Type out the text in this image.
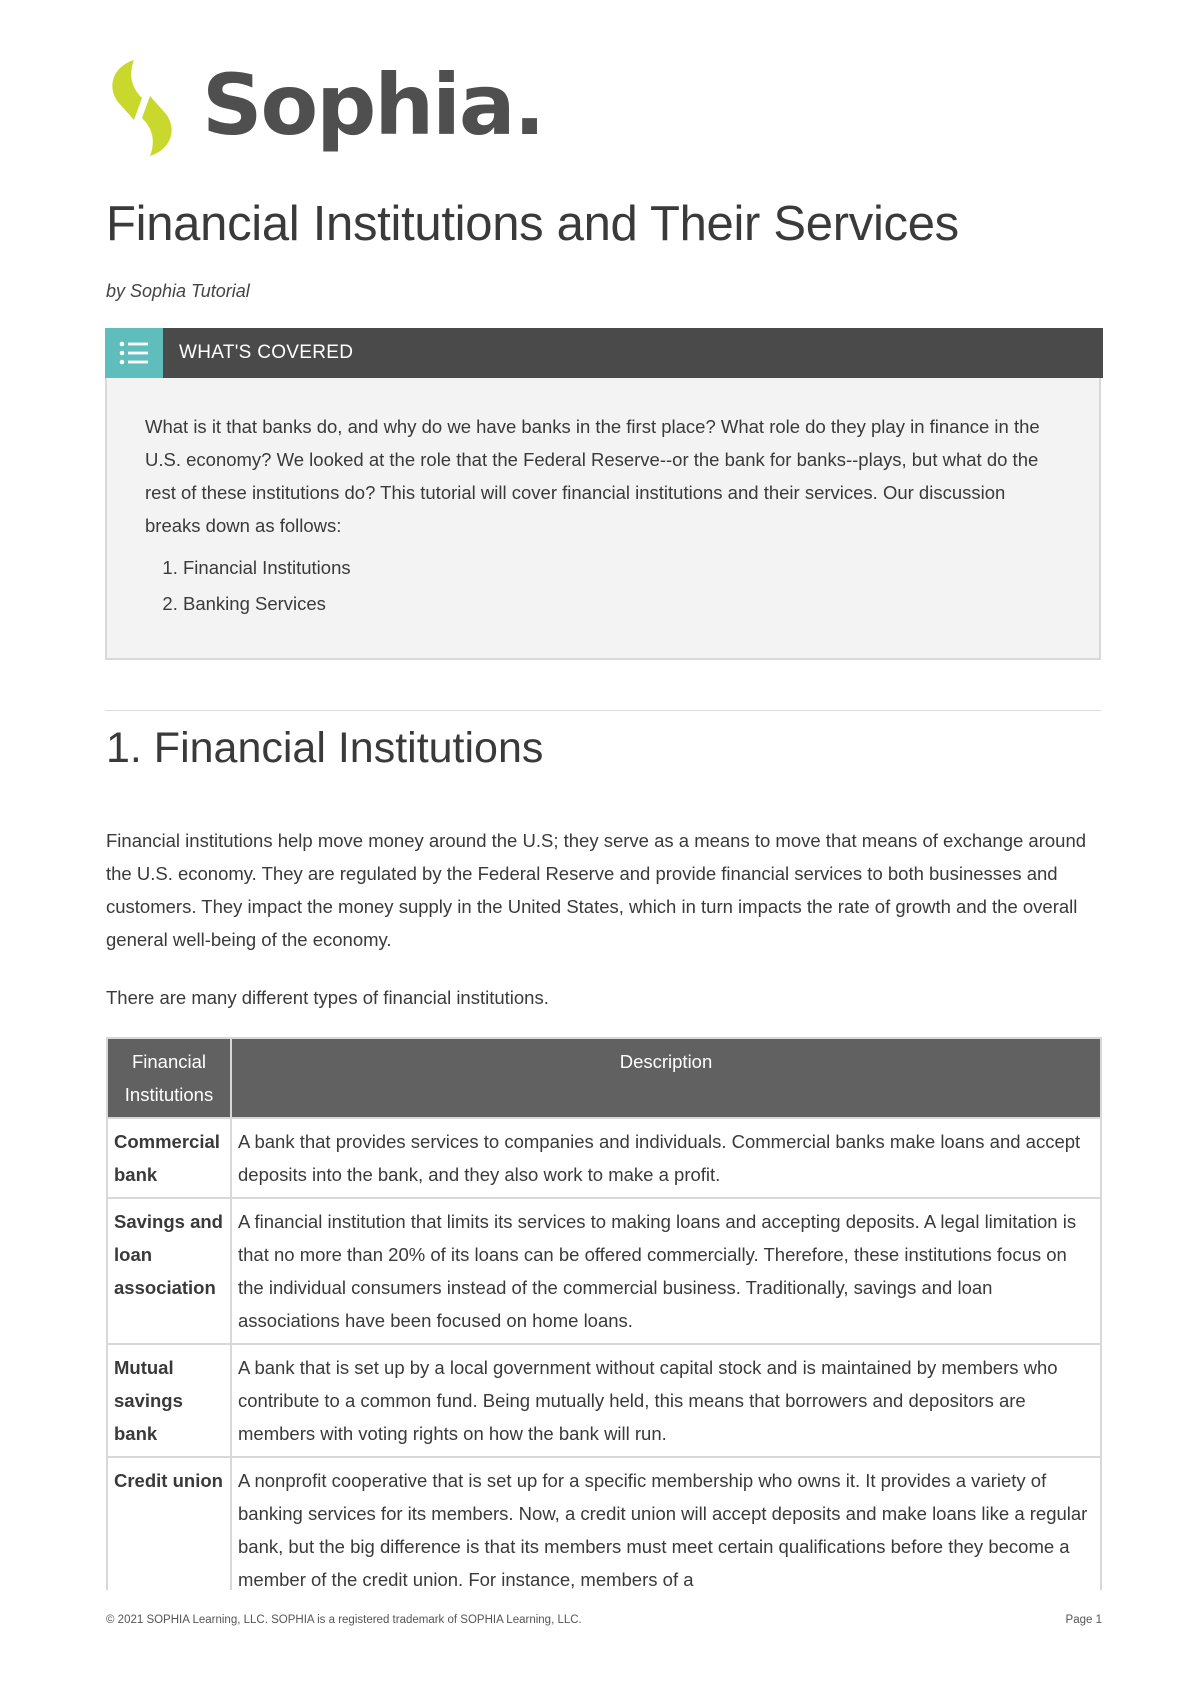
Sophia.
Financial Institutions and Their Services
by Sophia Tutorial
WHAT'S COVERED
What is it that banks do, and why do we have banks in the first place? What role do they play in finance in the U.S. economy? We looked at the role that the Federal Reserve--or the bank for banks--plays, but what do the rest of these institutions do? This tutorial will cover financial institutions and their services. Our discussion breaks down as follows:
1. Financial Institutions
2. Banking Services
1. Financial Institutions

Financial institutions help move money around the U.S; they serve as a means to move that means of exchange around the U.S. economy. They are regulated by the Federal Reserve and provide financial services to both businesses and customers. They impact the money supply in the United States, which in turn impacts the rate of growth and the overall general well-being of the economy.

There are many different types of financial institutions.

Financial Institutions	Description
Commercial bank	A bank that provides services to companies and individuals. Commercial banks make loans and accept deposits into the bank, and they also work to make a profit.
Savings and loan association	A financial institution that limits its services to making loans and accepting deposits. A legal limitation is that no more than 20% of its loans can be offered commercially. Therefore, these institutions focus on the individual consumers instead of the commercial business. Traditionally, savings and loan associations have been focused on home loans.
Mutual savings bank	A bank that is set up by a local government without capital stock and is maintained by members who contribute to a common fund. Being mutually held, this means that borrowers and depositors are members with voting rights on how the bank will run.
Credit union	A nonprofit cooperative that is set up for a specific membership who owns it. It provides a variety of banking services for its members. Now, a credit union will accept deposits and make loans like a regular bank, but the big difference is that its members must meet certain qualifications before they become a member of the credit union. For instance, members of a
© 2021 SOPHIA Learning, LLC. SOPHIA is a registered trademark of SOPHIA Learning, LLC.	Page 1
